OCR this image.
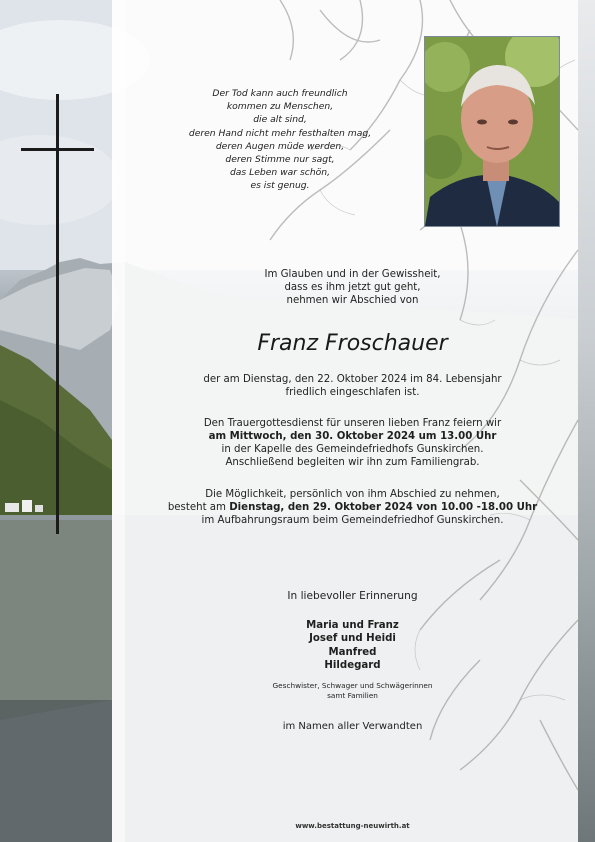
Der Tod kann auch freundlich
kommen zu Menschen,
die alt sind,
deren Hand nicht mehr festhalten mag,
deren Augen müde werden,
deren Stimme nur sagt,
das Leben war schön,
es ist genug.
Im Glauben und in der Gewissheit,
dass es ihm jetzt gut geht,
nehmen wir Abschied von
Franz Froschauer
der am Dienstag, den 22. Oktober 2024 im 84. Lebensjahr
friedlich eingeschlafen ist.
Den Trauergottesdienst für unseren lieben Franz feiern wir
am Mittwoch, den 30. Oktober 2024 um 13.00 Uhr
in der Kapelle des Gemeindefriedhofs Gunskirchen.
Anschließend begleiten wir ihn zum Familiengrab.
Die Möglichkeit, persönlich von ihm Abschied zu nehmen,
besteht am Dienstag, den 29. Oktober 2024 von 10.00 -18.00 Uhr
im Aufbahrungsraum beim Gemeindefriedhof Gunskirchen.
In liebevoller Erinnerung
Maria und Franz
Josef und Heidi
Manfred
Hildegard
Geschwister, Schwager und Schwägerinnen
samt Familien
im Namen aller Verwandten
www.bestattung-neuwirth.at
